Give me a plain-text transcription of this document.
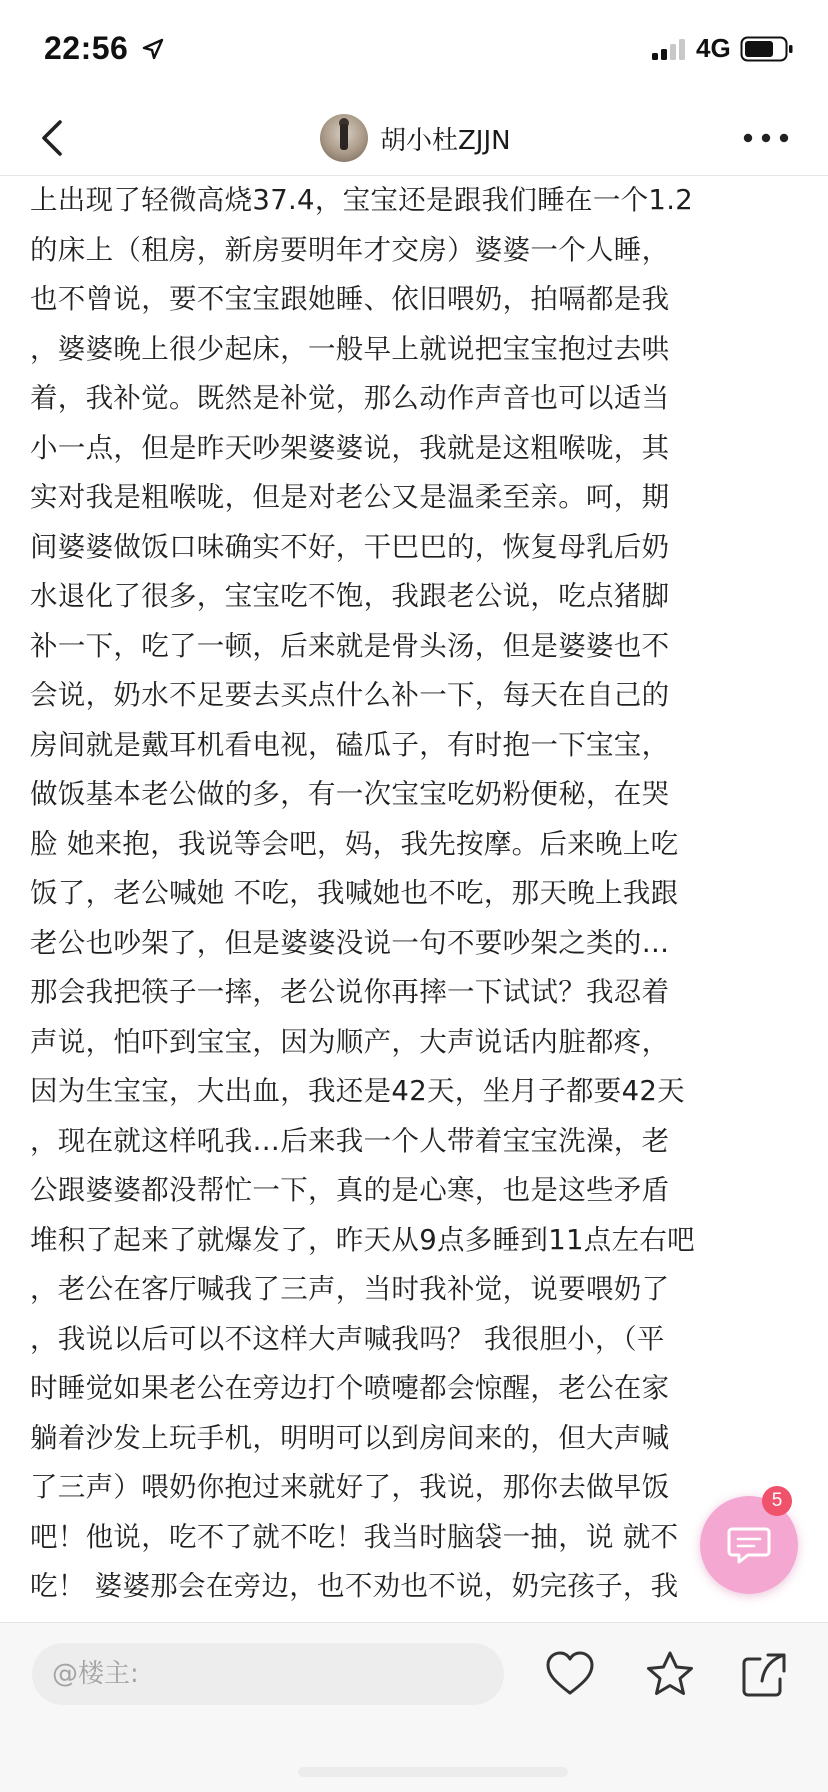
22:56	4G
胡小杜ZJJN
上出现了轻微高烧37.4，宝宝还是跟我们睡在一个1.2
的床上（租房，新房要明年才交房）婆婆一个人睡，
也不曾说，要不宝宝跟她睡、依旧喂奶，拍嗝都是我
，婆婆晚上很少起床，一般早上就说把宝宝抱过去哄
着，我补觉。既然是补觉，那么动作声音也可以适当
小一点，但是昨天吵架婆婆说，我就是这粗喉咙，其
实对我是粗喉咙，但是对老公又是温柔至亲。呵，期
间婆婆做饭口味确实不好，干巴巴的，恢复母乳后奶
水退化了很多，宝宝吃不饱，我跟老公说，吃点猪脚
补一下，吃了一顿，后来就是骨头汤，但是婆婆也不
会说，奶水不足要去买点什么补一下，每天在自己的
房间就是戴耳机看电视，磕瓜子，有时抱一下宝宝，
做饭基本老公做的多，有一次宝宝吃奶粉便秘，在哭
脸 她来抱，我说等会吧，妈，我先按摩。后来晚上吃
饭了，老公喊她 不吃，我喊她也不吃，那天晚上我跟
老公也吵架了，但是婆婆没说一句不要吵架之类的…
那会我把筷子一摔，老公说你再摔一下试试？我忍着
声说，怕吓到宝宝，因为顺产，大声说话内脏都疼，
因为生宝宝，大出血，我还是42天，坐月子都要42天
，现在就这样吼我…后来我一个人带着宝宝洗澡，老
公跟婆婆都没帮忙一下，真的是心寒，也是这些矛盾
堆积了起来了就爆发了，昨天从9点多睡到11点左右吧
，老公在客厅喊我了三声，当时我补觉，说要喂奶了
，我说以后可以不这样大声喊我吗？ 我很胆小，（平
时睡觉如果老公在旁边打个喷嚏都会惊醒，老公在家
躺着沙发上玩手机，明明可以到房间来的，但大声喊
了三声）喂奶你抱过来就好了，我说，那你去做早饭
吧！他说，吃不了就不吃！我当时脑袋一抽，说 就不
吃！ 婆婆那会在旁边，也不劝也不说，奶完孩子，我
5
@楼主:
